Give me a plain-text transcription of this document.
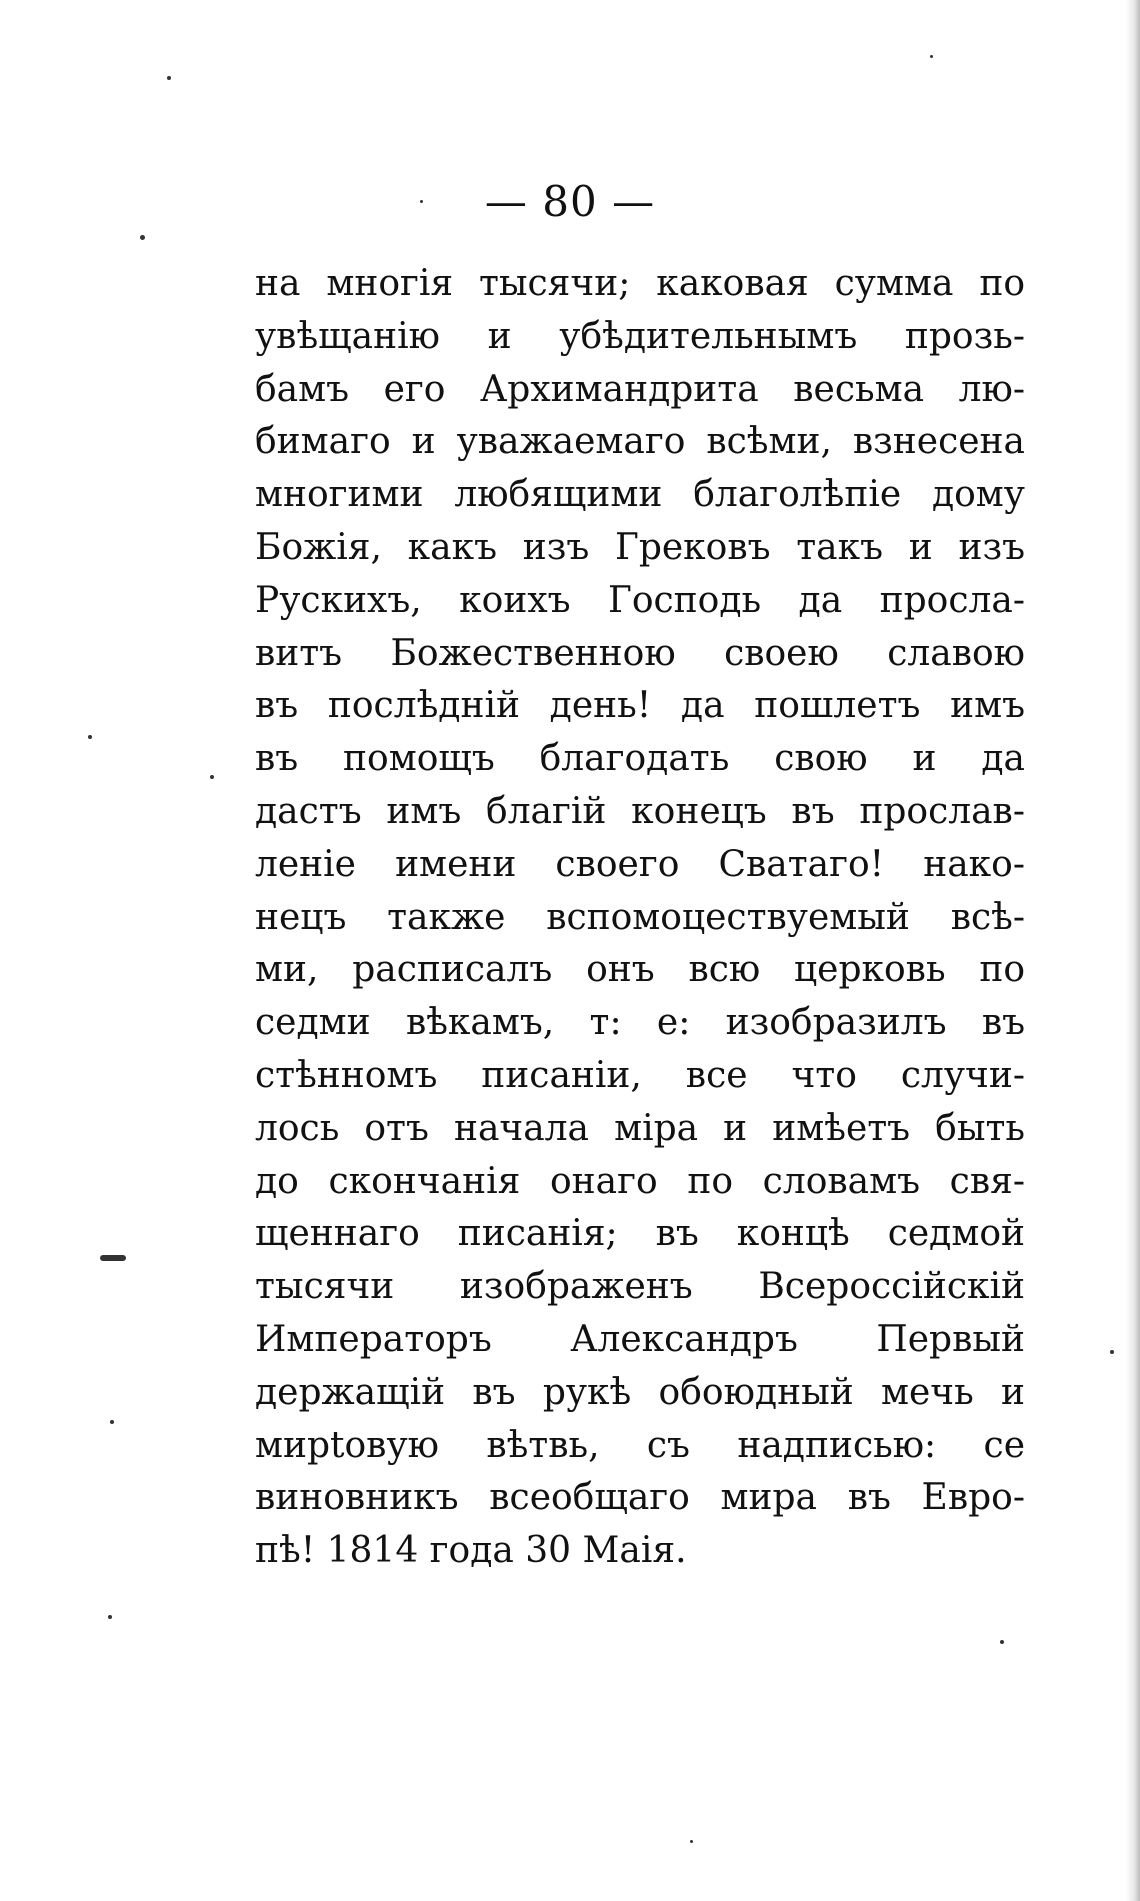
— 80 —
на многія тысячи; каковая сумма по
увѣщанію и убѣдительнымъ прозь-
бамъ его Архимандрита весьма лю-
бимаго и уважаемаго всѣми, взнесена
многими любящими благолѣпіе дому
Божія, какъ изъ Грековъ такъ и изъ
Рускихъ, коихъ Господь да просла-
витъ Божественною своею славою
въ послѣдній день! да пошлетъ имъ
въ помощъ благодать свою и да
дастъ имъ благій конецъ въ прослав-
леніе имени своего Сватаго! нако-
нецъ также вспомоцествуемый всѣ-
ми, расписалъ онъ всю церковь по
седми вѣкамъ, т: е: изобразилъ въ
стѣнномъ писаніи, все что случи-
лось отъ начала міра и имѣетъ быть
до скончанія онаго по словамъ свя-
щеннаго писанія; въ концѣ седмой
тысячи изображенъ Всероссійскій
Императоръ Александръ Первый
держащій въ рукѣ обоюдный мечь и
мирtовую вѣтвь, съ надписью: се
виновникъ всеобщаго мира въ Евро-
пѣ! 1814 года 30 Маія.
